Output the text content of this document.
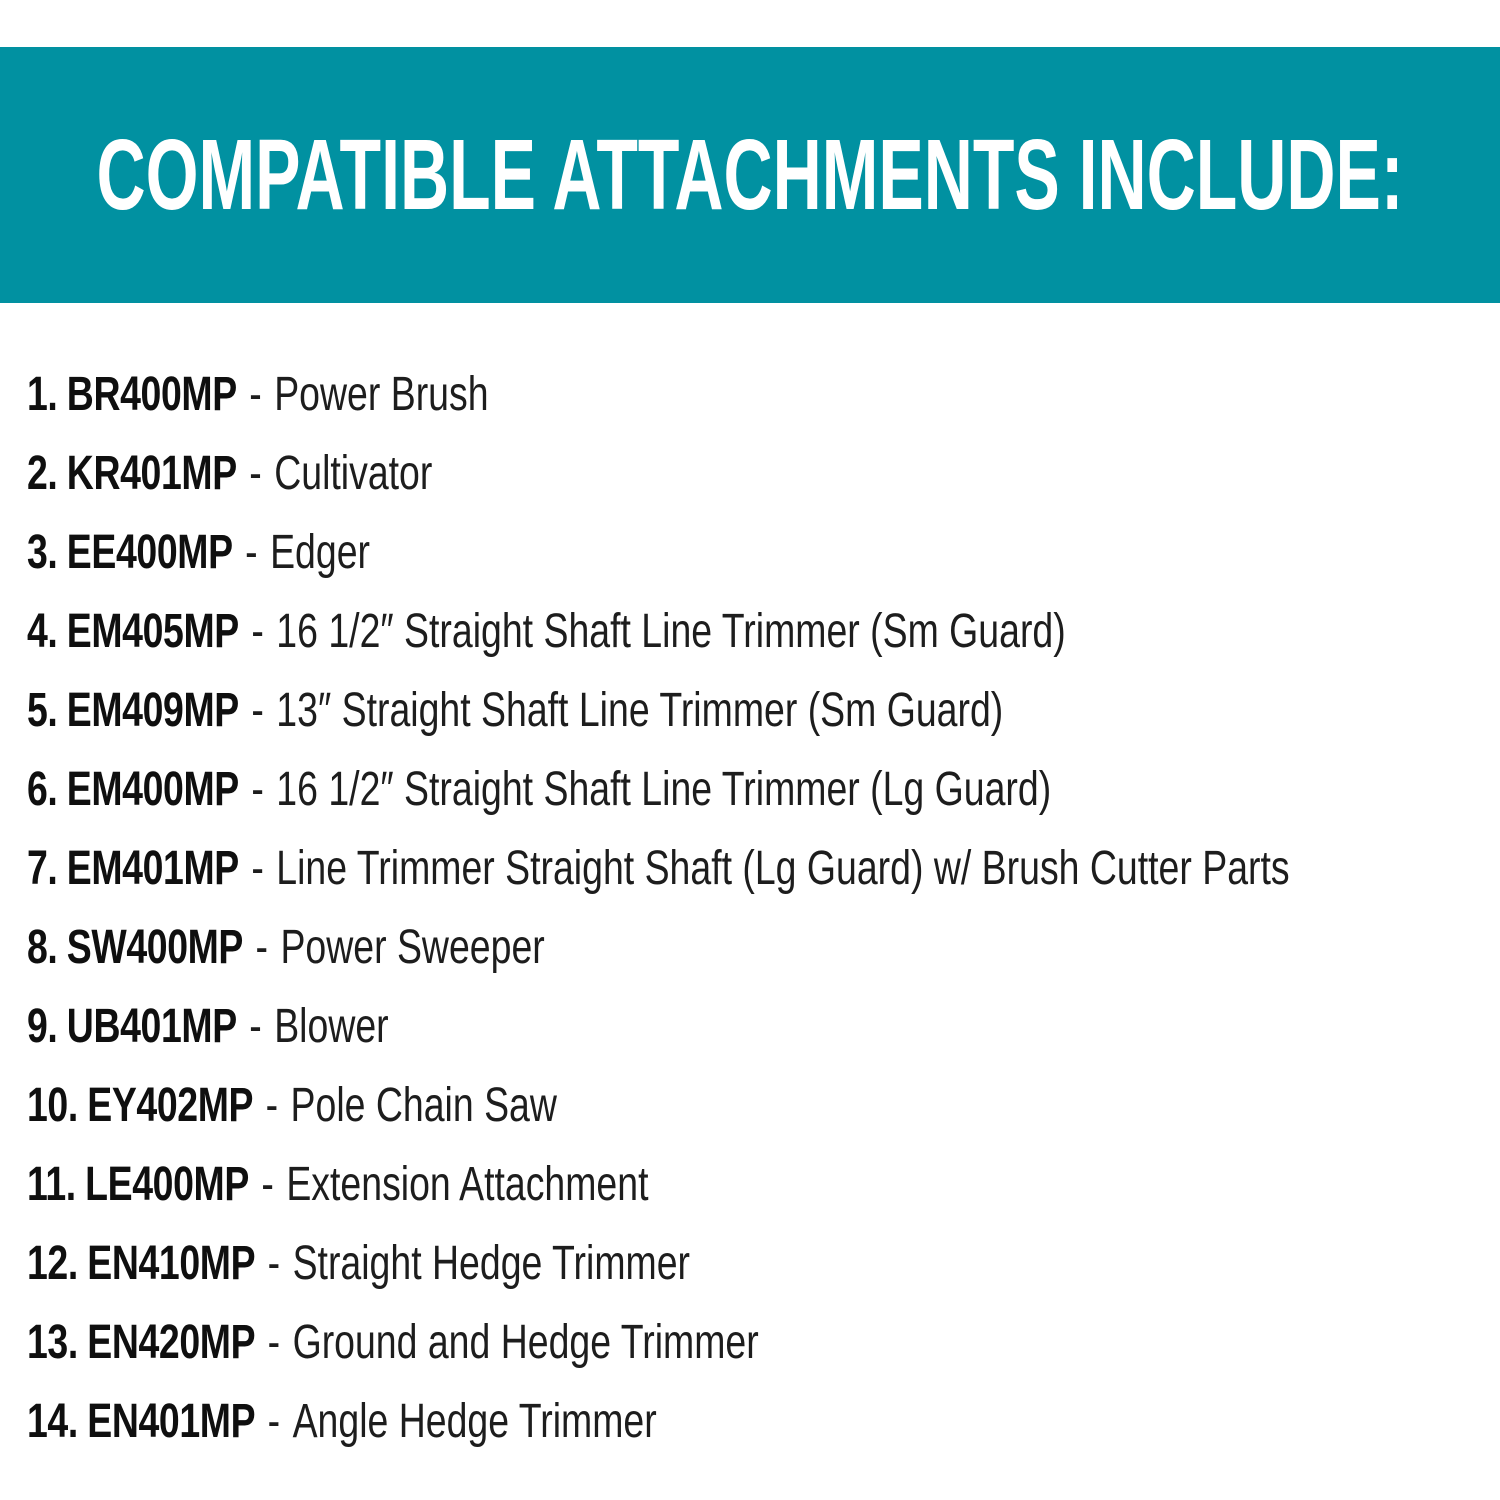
COMPATIBLE ATTACHMENTS INCLUDE:
1. BR400MP - Power Brush
2. KR401MP - Cultivator
3. EE400MP - Edger
4. EM405MP - 16 1/2″ Straight Shaft Line Trimmer (Sm Guard)
5. EM409MP - 13″ Straight Shaft Line Trimmer (Sm Guard)
6. EM400MP - 16 1/2″ Straight Shaft Line Trimmer (Lg Guard)
7. EM401MP - Line Trimmer Straight Shaft (Lg Guard) w/ Brush Cutter Parts
8. SW400MP - Power Sweeper
9. UB401MP - Blower
10. EY402MP - Pole Chain Saw
11. LE400MP - Extension Attachment
12. EN410MP - Straight Hedge Trimmer
13. EN420MP - Ground and Hedge Trimmer
14. EN401MP - Angle Hedge Trimmer
